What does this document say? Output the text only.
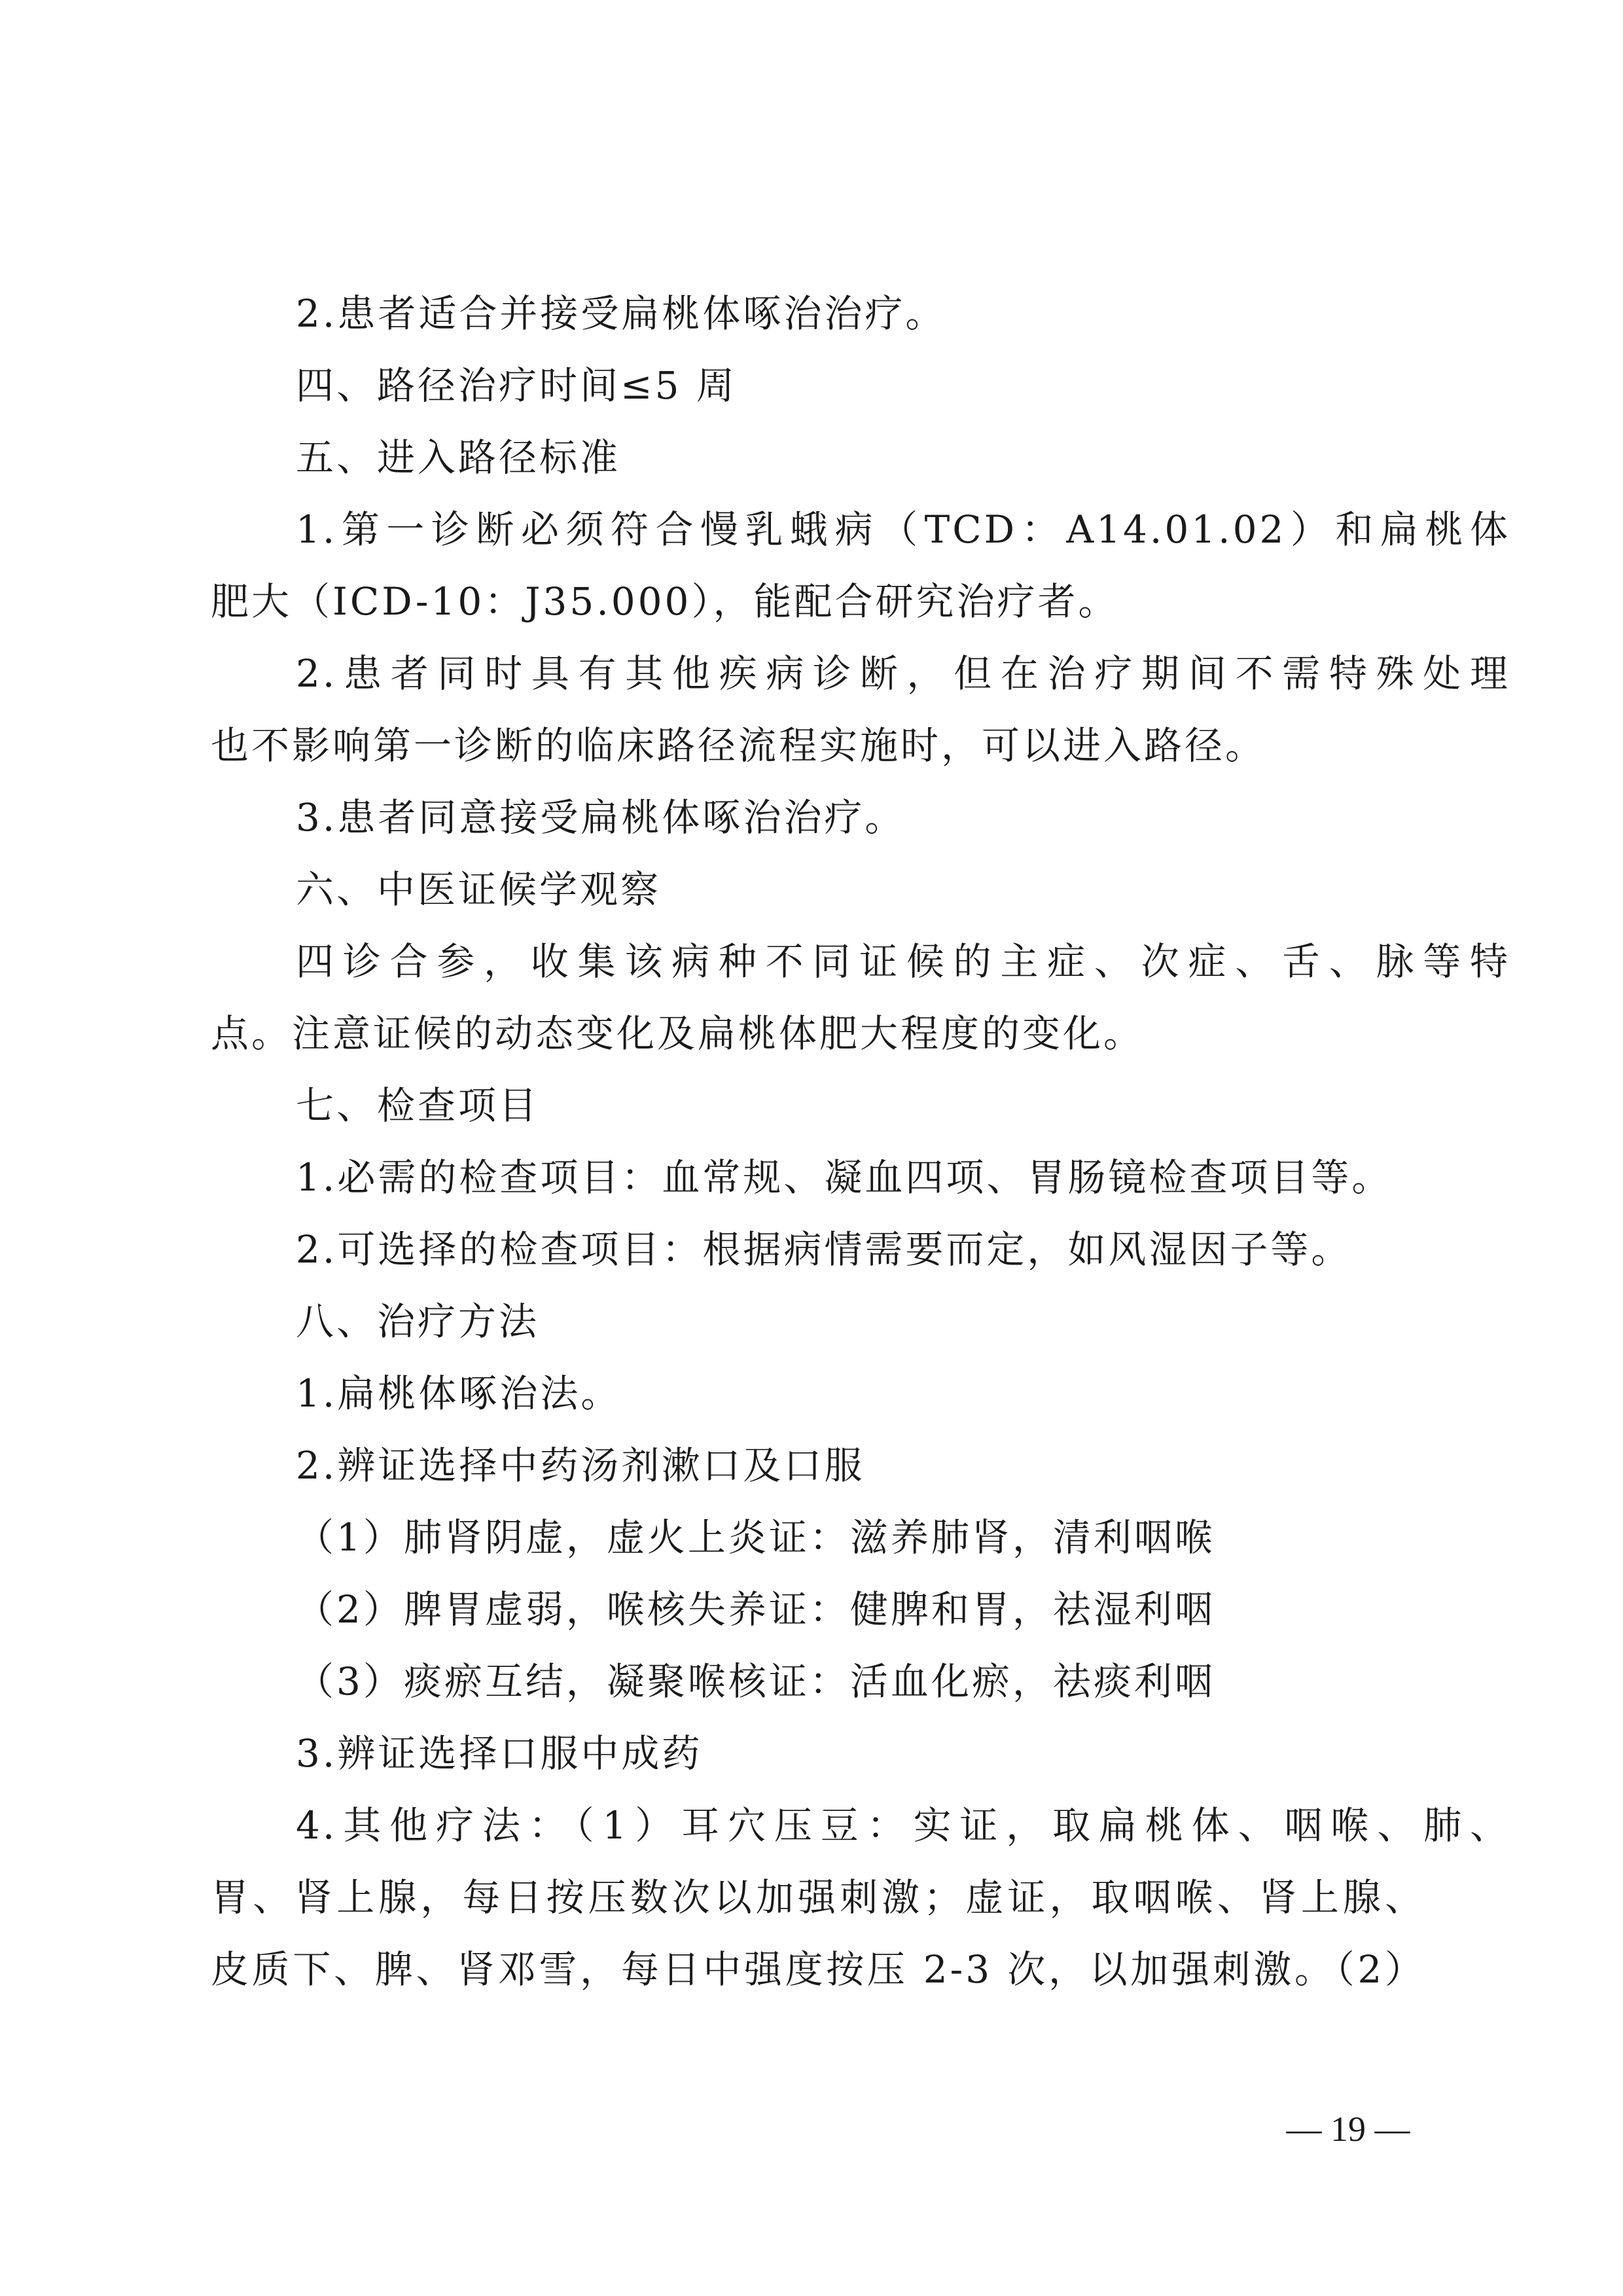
2.患者适合并接受扁桃体啄治治疗。
四、路径治疗时间≤5 周
五、进入路径标准
1.第一诊断必须符合慢乳蛾病（TCD：A14.01.02）和扁桃体
肥大（ICD-10：J35.000），能配合研究治疗者。
2.患者同时具有其他疾病诊断，但在治疗期间不需特殊处理
也不影响第一诊断的临床路径流程实施时，可以进入路径。
3.患者同意接受扁桃体啄治治疗。
六、中医证候学观察
四诊合参，收集该病种不同证候的主症、次症、舌、脉等特
点。注意证候的动态变化及扁桃体肥大程度的变化。
七、检查项目
1.必需的检查项目：血常规、凝血四项、胃肠镜检查项目等。
2.可选择的检查项目：根据病情需要而定，如风湿因子等。
八、治疗方法
1.扁桃体啄治法。
2.辨证选择中药汤剂漱口及口服
（1）肺肾阴虚，虚火上炎证：滋养肺肾，清利咽喉
（2）脾胃虚弱，喉核失养证：健脾和胃，祛湿利咽
（3）痰瘀互结，凝聚喉核证：活血化瘀，祛痰利咽
3.辨证选择口服中成药
4.其他疗法：（1）耳穴压豆：实证，取扁桃体、咽喉、肺、
胃、肾上腺，每日按压数次以加强刺激；虚证，取咽喉、肾上腺、
皮质下、脾、肾邓雪，每日中强度按压 2-3 次，以加强刺激。（2）
— 19 —
